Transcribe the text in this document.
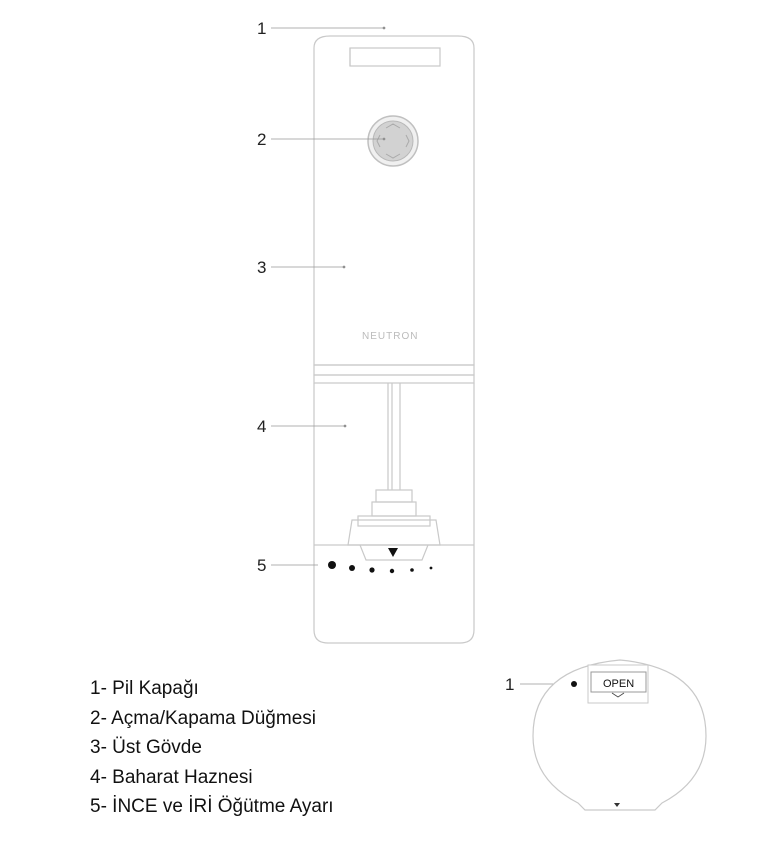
NEUTRON
1
2
3
4
5
OPEN
1
1- Pil Kapağı
2- Açma/Kapama Düğmesi
3- Üst Gövde
4- Baharat Haznesi
5- İNCE ve İRİ Öğütme Ayarı
